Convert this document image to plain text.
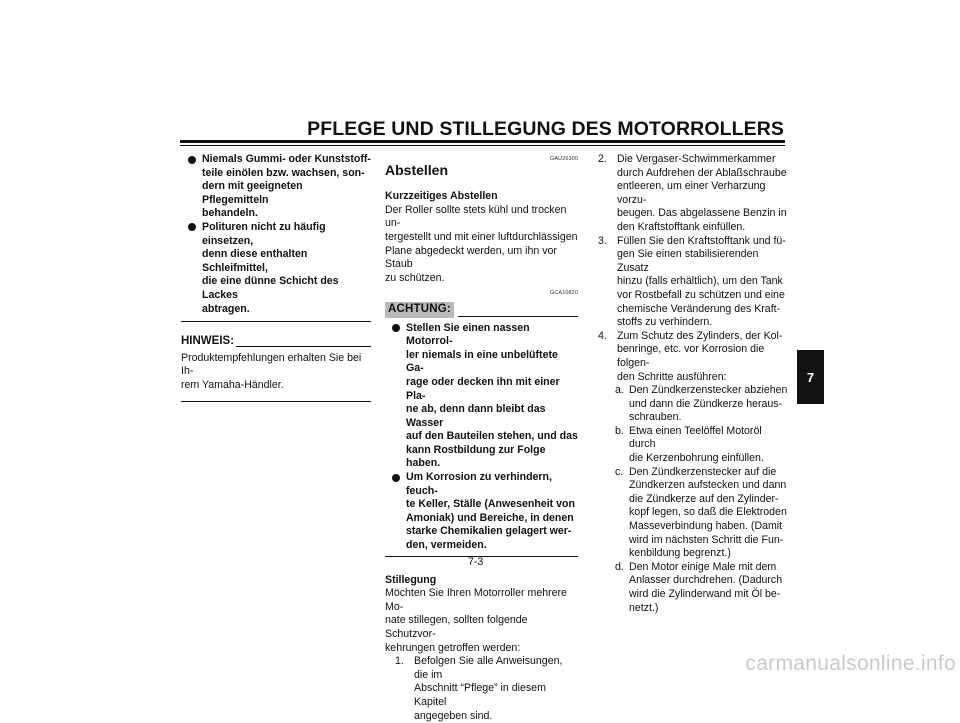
PFLEGE UND STILLEGUNG DES MOTORROLLERS
Niemals Gummi- oder Kunststoff-
teile einölen bzw. wachsen, son-
dern mit geeigneten Pflegemitteln
behandeln.
Polituren nicht zu häufig einsetzen,
denn diese enthalten Schleifmittel,
die eine dünne Schicht des Lackes
abtragen.
HINWEIS:
Produktempfehlungen erhalten Sie bei Ih-
rem Yamaha-Händler.
GAU26300
Abstellen
Kurzzeitiges Abstellen
Der Roller sollte stets kühl und trocken un-
tergestellt und mit einer luftdurchlässigen
Plane abgedeckt werden, um ihn vor Staub
zu schützen.
GCA10820
ACHTUNG:
Stellen Sie einen nassen Motorrol-
ler niemals in eine unbelüftete Ga-
rage oder decken ihn mit einer Pla-
ne ab, denn dann bleibt das Wasser
auf den Bauteilen stehen, und das
kann Rostbildung zur Folge haben.
Um Korrosion zu verhindern, feuch-
te Keller, Ställe (Anwesenheit von
Amoniak) und Bereiche, in denen
starke Chemikalien gelagert wer-
den, vermeiden.
Stillegung
Möchten Sie Ihren Motorroller mehrere Mo-
nate stillegen, sollten folgende Schutzvor-
kehrungen getroffen werden:
1. Befolgen Sie alle Anweisungen, die im
Abschnitt “Pflege” in diesem Kapitel
angegeben sind.
2. Die Vergaser-Schwimmerkammer
durch Aufdrehen der Ablaßschraube
entleeren, um einer Verharzung vorzu-
beugen. Das abgelassene Benzin in
den Kraftstofftank einfüllen.
3. Füllen Sie den Kraftstofftank und fü-
gen Sie einen stabilisierenden Zusatz
hinzu (falls erhältlich), um den Tank
vor Rostbefall zu schützen und eine
chemische Veränderung des Kraft-
stoffs zu verhindern.
4. Zum Schutz des Zylinders, der Kol-
benringe, etc. vor Korrosion die folgen-
den Schritte ausführen:
a. Den Zündkerzenstecker abziehen
und dann die Zündkerze heraus-
schrauben.
b. Etwa einen Teelöffel Motoröl durch
die Kerzenbohrung einfüllen.
c. Den Zündkerzenstecker auf die
Zündkerzen aufstecken und dann
die Zündkerze auf den Zylinder-
kopf legen, so daß die Elektroden
Masseverbindung haben. (Damit
wird im nächsten Schritt die Fun-
kenbildung begrenzt.)
d. Den Motor einige Male mit dem
Anlasser durchdrehen. (Dadurch
wird die Zylinderwand mit Öl be-
netzt.)
7
7-3
carmanualsonline.info
